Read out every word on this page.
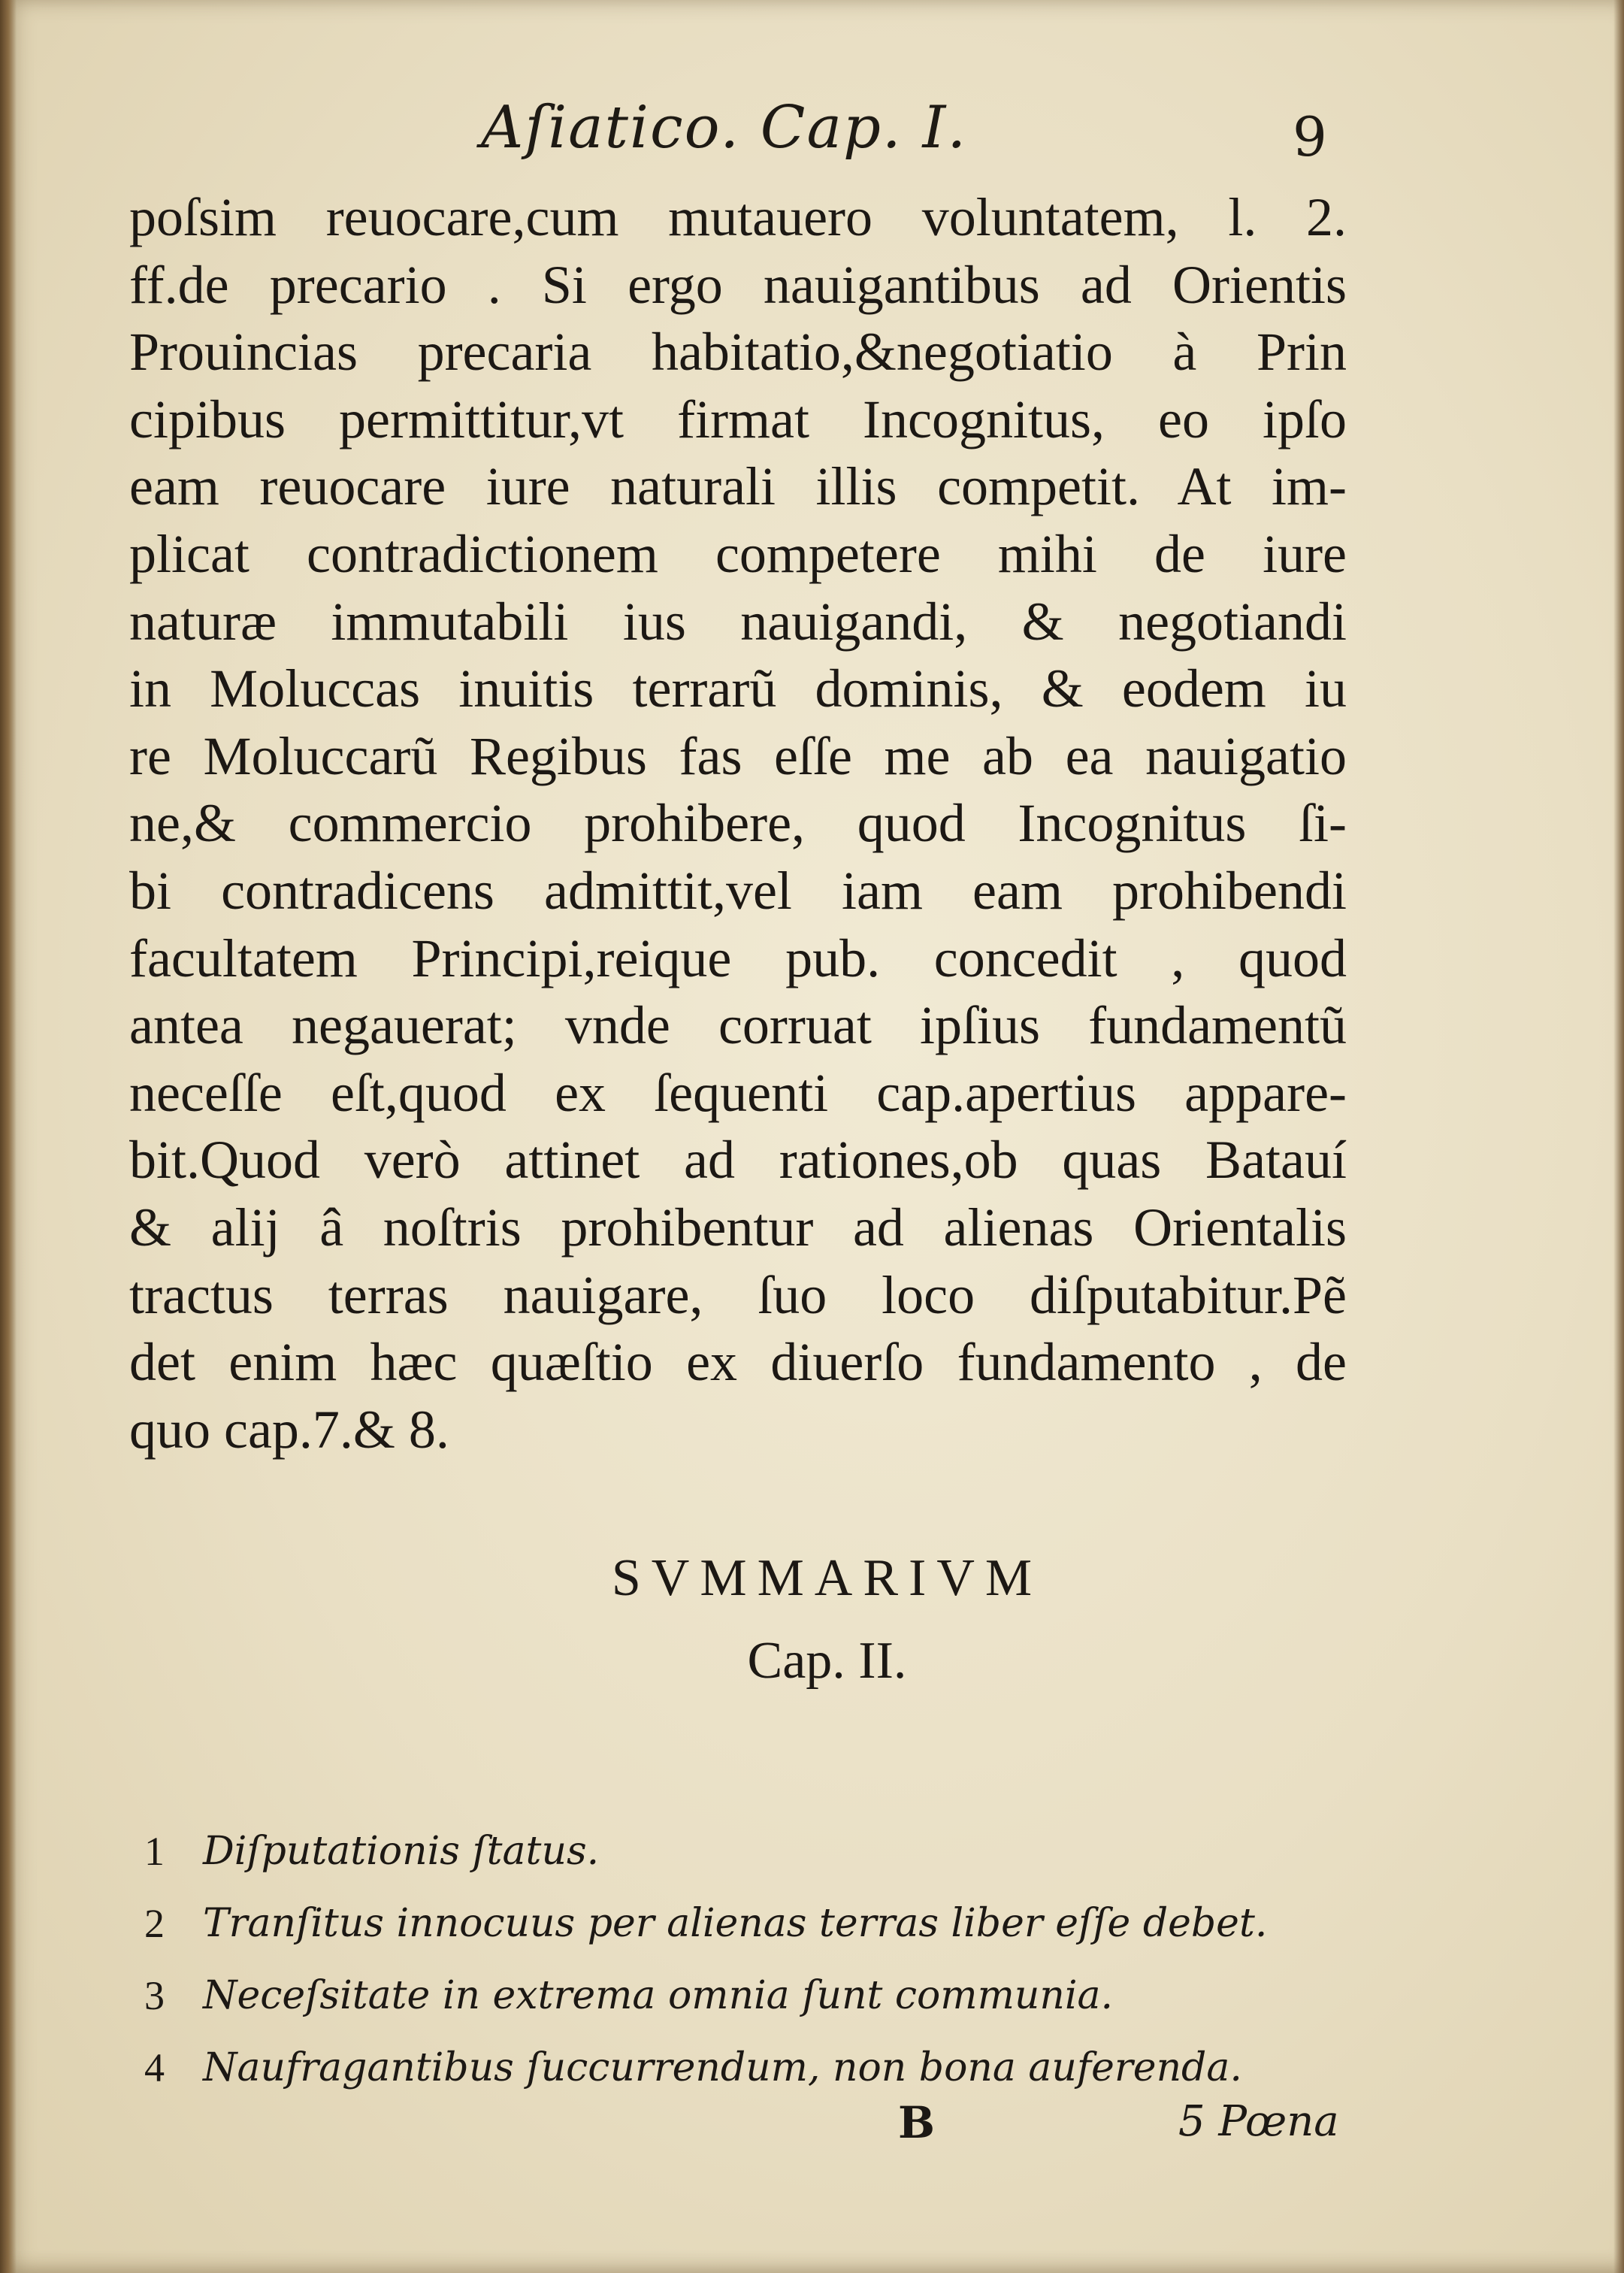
Aſiatico. Cap. I.	9
poſsim reuocare,cum mutauero voluntatem, l. 2.
ff.de precario . Si ergo nauigantibus ad Orientis
Prouincias precaria habitatio,&negotiatio à Prin
cipibus permittitur,vt firmat Incognitus, eo ipſo
eam reuocare iure naturali illis competit. At im-
plicat contradictionem competere mihi de iure
naturæ immutabili ius nauigandi, & negotiandi
in Moluccas inuitis terrarũ dominis, & eodem iu
re Moluccarũ Regibus fas eſſe me ab ea nauigatio
ne,& commercio prohibere, quod Incognitus ſi-
bi contradicens admittit,vel iam eam prohibendi
facultatem Principi,reique pub. concedit , quod
antea negauerat; vnde corruat ipſius fundamentũ
neceſſe eſt,quod ex ſequenti cap.apertius appare-
bit.Quod verò attinet ad rationes,ob quas Batauí
& alij â noſtris prohibentur ad alienas Orientalis
tractus terras nauigare, ſuo loco diſputabitur.Pẽ
det enim hæc quæſtio ex diuerſo fundamento , de
quo cap.7.& 8.
SVMMARIVM
Cap. II.
1 Diſputationis ſtatus.
2 Tranſitus innocuus per alienas terras liber eſſe debet.
3 Neceſsitate in extrema omnia ſunt communia.
4 Naufragantibus ſuccurrendum, non bona auferenda.
B	5 Pœna
